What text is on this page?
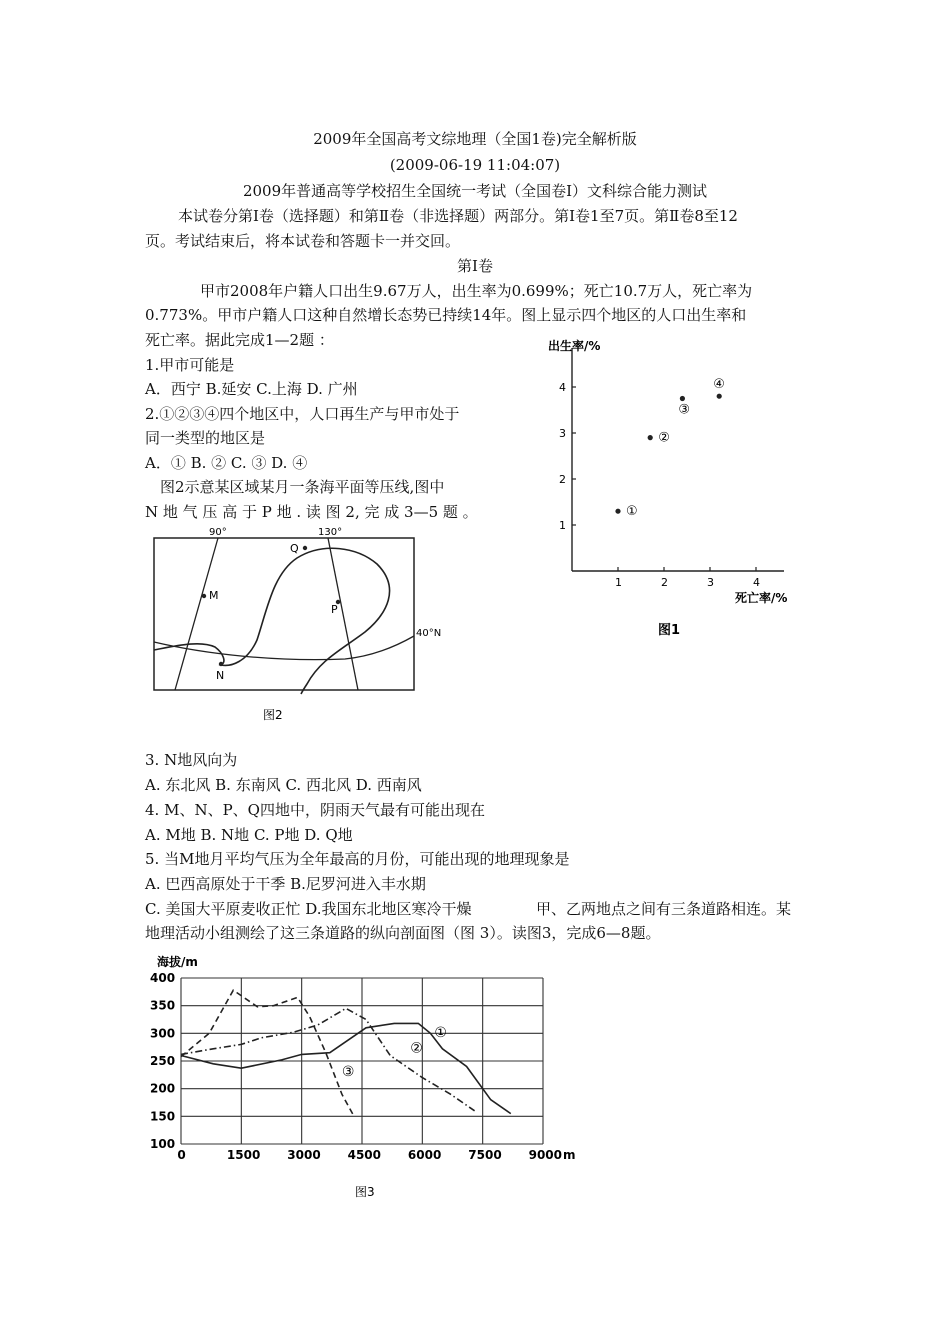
2009年全国高考文综地理（全国1卷)完全解析版

(2009-06-19 11:04:07)

2009年普通高等学校招生全国统一考试（全国卷I）文科综合能力测试

本试卷分第Ⅰ卷（选择题）和第Ⅱ卷（非选择题）两部分。第Ⅰ卷1至7页。第Ⅱ卷8至12

页。考试结束后，将本试卷和答题卡一并交回。

第Ⅰ卷

甲市2008年户籍人口出生9.67万人，出生率为0.699%；死亡10.7万人，死亡率为

0.773%。甲市户籍人口这种自然增长态势已持续14年。图上显示四个地区的人口出生率和

死亡率。据此完成1—2题 ：

1.甲市可能是

A．西宁 B.延安 C.上海 D. 广州

2.①②③④四个地区中，人口再生产与甲市处于

同一类型的地区是

A．① B. ② C. ③ D. ④

图2示意某区域某月一条海平面等压线,图中

N 地 气 压 高 于 P 地 . 读 图 2, 完 成 3—5 题 。

1	2	3	4
1
2
3
4
出生率/%
死亡率/%
图1
①
②
③
④
M
N
P
Q
90°	130°
40°N
图2

3. N地风向为

A. 东北风 B. 东南风 C. 西北风 D. 西南风

4. M、N、P、Q四地中，阴雨天气最有可能出现在

A. M地 B. N地 C. P地 D. Q地

5. 当M地月平均气压为全年最高的月份，可能出现的地理现象是

A. 巴西高原处于干季 B.尼罗河进入丰水期

C. 美国大平原麦收正忙 D.我国东北地区寒冷干燥	甲、乙两地点之间有三条道路相连。某

地理活动小组测绘了这三条道路的纵向剖面图（图 3）。读图3，完成6—8题。

0	1500 3000 4500 6000 7500 9000
100
150
200
250
300
350
400
海拔/m
m
图3
①
②
③
